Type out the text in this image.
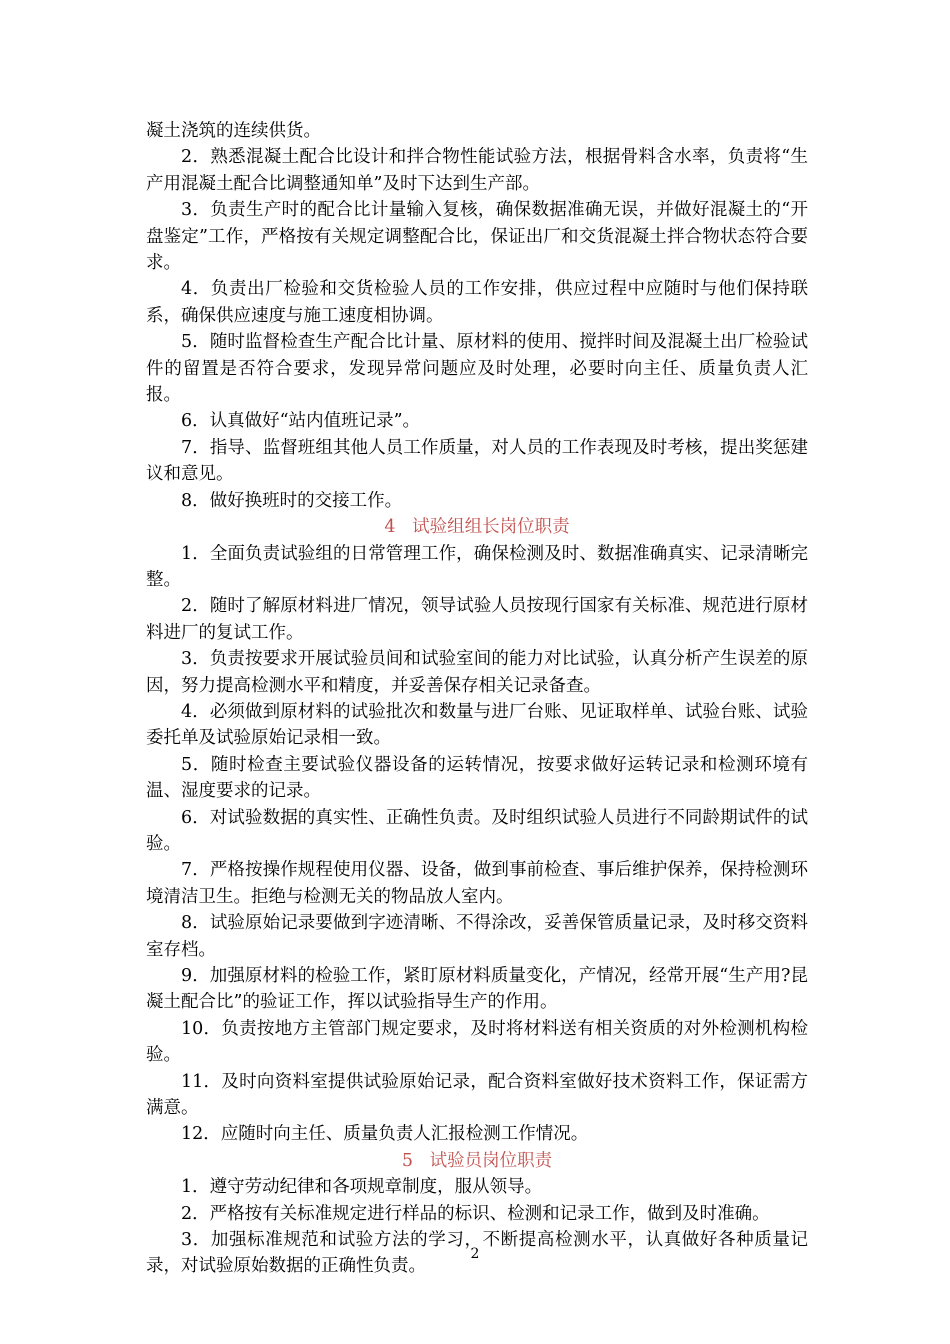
凝土浇筑的连续供货。

2．熟悉混凝土配合比设计和拌合物性能试验方法，根据骨料含水率，负责将“生产用混凝土配合比调整通知单”及时下达到生产部。

3．负责生产时的配合比计量输入复核，确保数据准确无误，并做好混凝土的“开盘鉴定”工作，严格按有关规定调整配合比，保证出厂和交货混凝土拌合物状态符合要求。

4．负责出厂检验和交货检验人员的工作安排，供应过程中应随时与他们保持联系，确保供应速度与施工速度相协调。

5．随时监督检查生产配合比计量、原材料的使用、搅拌时间及混凝土出厂检验试件的留置是否符合要求，发现异常问题应及时处理，必要时向主任、质量负责人汇报。

6．认真做好“站内值班记录”。

7．指导、监督班组其他人员工作质量，对人员的工作表现及时考核，提出奖惩建议和意见。

8．做好换班时的交接工作。

4   试验组组长岗位职责

1．全面负责试验组的日常管理工作，确保检测及时、数据准确真实、记录清晰完整。

2．随时了解原材料进厂情况，领导试验人员按现行国家有关标准、规范进行原材料进厂的复试工作。

3．负责按要求开展试验员间和试验室间的能力对比试验，认真分析产生误差的原因，努力提高检测水平和精度，并妥善保存相关记录备查。

4．必须做到原材料的试验批次和数量与进厂台账、见证取样单、试验台账、试验委托单及试验原始记录相一致。

5．随时检查主要试验仪器设备的运转情况，按要求做好运转记录和检测环境有温、湿度要求的记录。

6．对试验数据的真实性、正确性负责。及时组织试验人员进行不同龄期试件的试验。

7．严格按操作规程使用仪器、设备，做到事前检查、事后维护保养，保持检测环境清洁卫生。拒绝与检测无关的物品放人室内。

8．试验原始记录要做到字迹清晰、不得涂改，妥善保管质量记录，及时移交资料室存档。

9．加强原材料的检验工作，紧盯原材料质量变化，产情况，经常开展“生产用?昆凝土配合比”的验证工作，挥以试验指导生产的作用。

10．负责按地方主管部门规定要求，及时将材料送有相关资质的对外检测机构检验。

11．及时向资料室提供试验原始记录，配合资料室做好技术资料工作，保证需方满意。

12．应随时向主任、质量负责人汇报检测工作情况。

5   试验员岗位职责

1．遵守劳动纪律和各项规章制度，服从领导。

2．严格按有关标准规定进行样品的标识、检测和记录工作，做到及时准确。

3．加强标准规范和试验方法的学习，不断提高检测水平，认真做好各种质量记录，对试验原始数据的正确性负责。

2
